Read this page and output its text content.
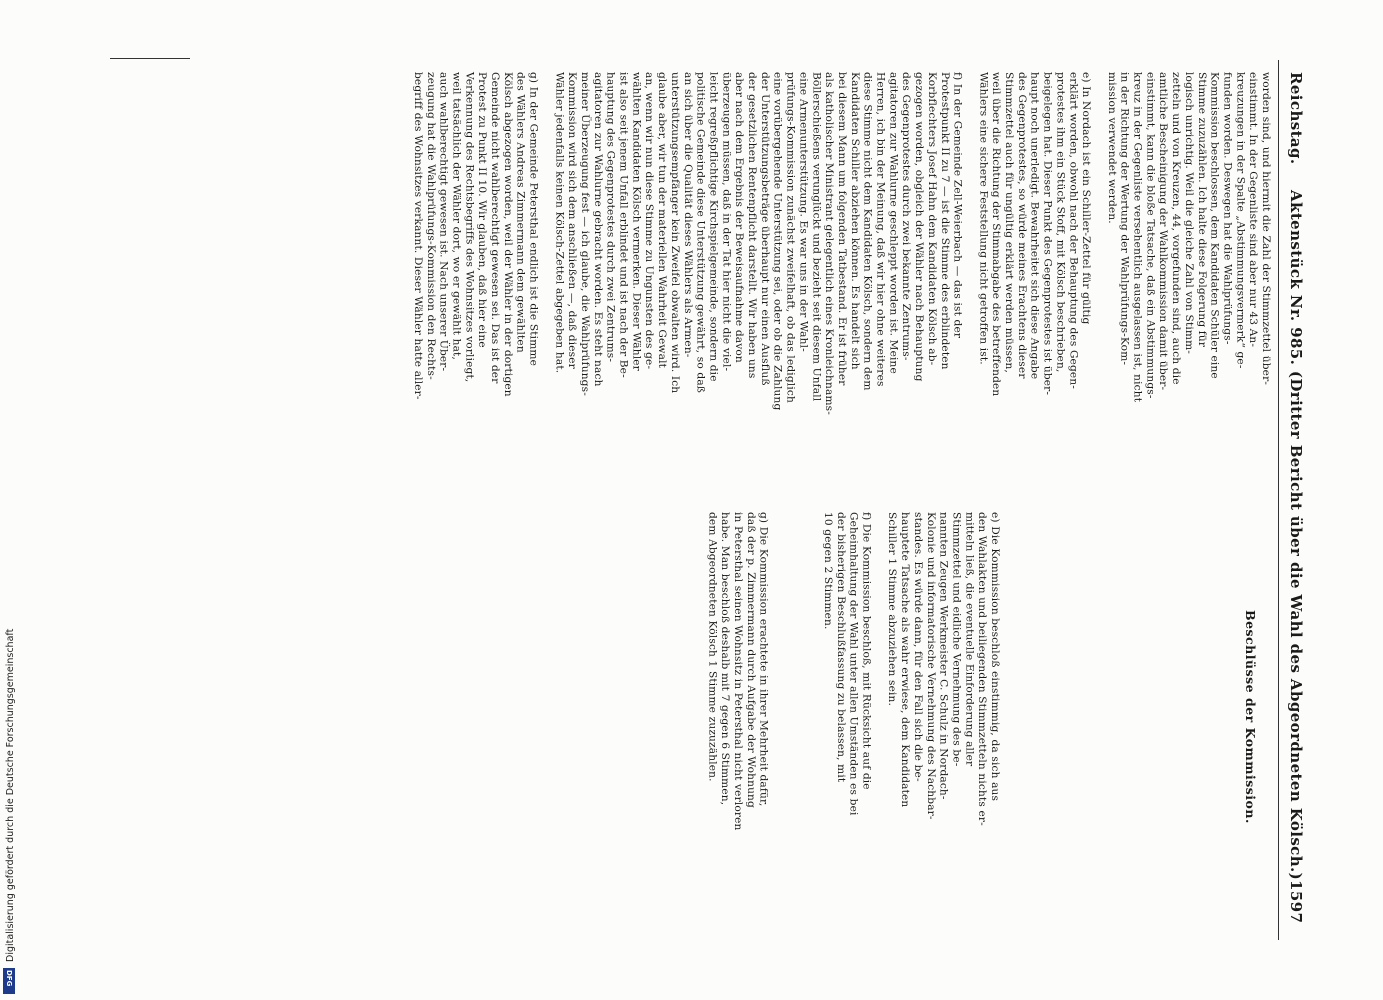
Reichstag.
Aktenstück Nr. 985. (Dritter Bericht über die Wahl des Abgeordneten Kölsch.)
1597
Beschlüsse der Kommission.
worden sind, und hiermit die Zahl der Stimmzettel über-
einstimmt. In der Gegenliste sind aber nur 43 An-
kreuzungen in der Spalte „Abstimmungsvermerk“ ge-
funden worden. Deswegen hat die Wahlprüfungs-
Kommission beschlossen, dem Kandidaten Schüler eine
Stimme zuzuzählen. Ich halte diese Folgerung für
logisch unrichtig. Weil die gleiche Zahl von Stimm-
zetteln und von Kreuzen, 44, vorgefunden sind, auch die
amtliche Bescheinigung der Wahlkommission damit über-
einstimmt, kann die bloße Tatsache, daß ein Abstimmungs-
kreuz in der Gegenliste versehentlich ausgelassen ist, nicht
in der Richtung der Wertung der Wahlprüfungs-Kom-
mission verwendet werden.
e) In Nordach ist ein Schiller-Zettel für gültig
erklärt worden, obwohl nach der Behauptung des Gegen-
protestes ihm ein Stück Stoff, mit Kölsch beschrieben,
beigelegen hat. Dieser Punkt des Gegenprotestes ist über-
haupt noch unerledigt. Bewahrheitet sich diese Angabe
des Gegenprotestes, so würde meines Erachtens dieser
Stimmzettel auch für ungültig erklärt werden müssen,
weil über die Richtung der Stimmabgabe des betreffenden
Wählers eine sichere Feststellung nicht getroffen ist.
f) In der Gemeinde Zell-Weierbach — das ist der
Protestpunkt II zu 7 — ist die Stimme des erblindeten
Korbflechters Josef Hahn dem Kandidaten Kölsch ab-
gezogen worden, obgleich der Wähler nach Behauptung
des Gegenprotestes durch zwei bekannte Zentrums-
agitatoren zur Wahlurne geschleppt worden ist. Meine
Herren, ich bin der Meinung, daß wir hier ohne weiteres
diese Stimme nicht dem Kandidaten Kölsch, sondern dem
Kandidaten Schiller abziehen können. Es handelt sich
bei diesem Mann um folgenden Tatbestand. Er ist früher
als katholischer Ministrant gelegentlich eines Kronleichnams-
Böllerschießens verunglückt und bezieht seit diesem Unfall
eine Armenunterstützung. Es war uns in der Wahl-
prüfungs-Kommission zunächst zweifelhaft, ob das lediglich
eine vorübergehende Unterstützung sei, oder ob die Zahlung
der Unterstützungsbeträge überhaupt nur einen Ausfluß
der gesetzlichen Rentenpflicht darstellt. Wir haben uns
aber nach dem Ergebnis der Beweisaufnahme davon
überzeugen müssen, daß in der Tat hier nicht die viel-
leicht regreßpflichtige Kirchspielgemeinde, sondern die
politische Gemeinde diese Unterstützung gewährt, so daß
an sich über die Qualität dieses Wählers als Armen-
unterstützungsempfänger kein Zweifel obwalten wird. Ich
glaube aber, wir tun der materiellen Wahrheit Gewalt
an, wenn wir nun diese Stimme zu Ungunsten des ge-
wählten Kandidaten Kölsch vermerken. Dieser Wähler
ist also seit jenem Unfall erblindet und ist nach der Be-
hauptung des Gegenprotestes durch zwei Zentrums-
agitatoren zur Wahlurne gebracht worden. Es steht nach
meiner Überzeugung fest — ich glaube, die Wahlprüfungs-
Kommission wird sich dem anschließen —, daß dieser
Wähler jedenfalls keinen Kölsch-Zettel abgegeben hat.
g) In der Gemeinde Petersthal endlich ist die Stimme
des Wählers Andreas Zimmermann dem gewählten
Kölsch abgezogen worden, weil der Wähler in der dortigen
Gemeinde nicht wahlberechtigt gewesen sei. Das ist der
Protest zu Punkt II 10. Wir glauben, daß hier eine
Verkennung des Rechtsbegriffs des Wohnsitzes vorliegt,
weil tatsächlich der Wähler dort, wo er gewählt hat,
auch wahlberechtigt gewesen ist. Nach unserer Über-
zeugung hat die Wahlprüfungs-Kommission den Rechts-
begriff des Wohnsitzes verkannt. Dieser Wähler hatte aller-
e) Die Kommission beschloß einstimmig, da sich aus
den Wahlakten und beiliegenden Stimmzetteln nichts er-
mitteln ließ, die eventuelle Einforderung aller
Stimmzettel und eidliche Vernehmung des be-
nannten Zeugen Werkmeister C. Schulz in Nordach-
Kolonie und informatorische Vernehmung des Nachbar-
standes. Es würde dann, für den Fall sich die be-
hauptete Tatsache als wahr erwiese, dem Kandidaten
Schiller 1 Stimme abzuziehen sein.
f) Die Kommission beschloß, mit Rücksicht auf die
Geheimhaltung der Wahl unter allen Umständen es bei
der bisherigen Beschlußfassung zu belassen, mit
10 gegen 2 Stimmen.
g) Die Kommission erachtete in ihrer Mehrheit dafür,
daß der p. Zimmermann durch Aufgabe der Wohnung
in Petersthal seinen Wohnsitz in Petersthal nicht verloren
habe. Man beschloß deshalb mit 7 gegen 6 Stimmen,
dem Abgeordneten Kölsch 1 Stimme zuzuzählen.
Digitalisierung gefördert durch die Deutsche Forschungsgemeinschaft
DFG
